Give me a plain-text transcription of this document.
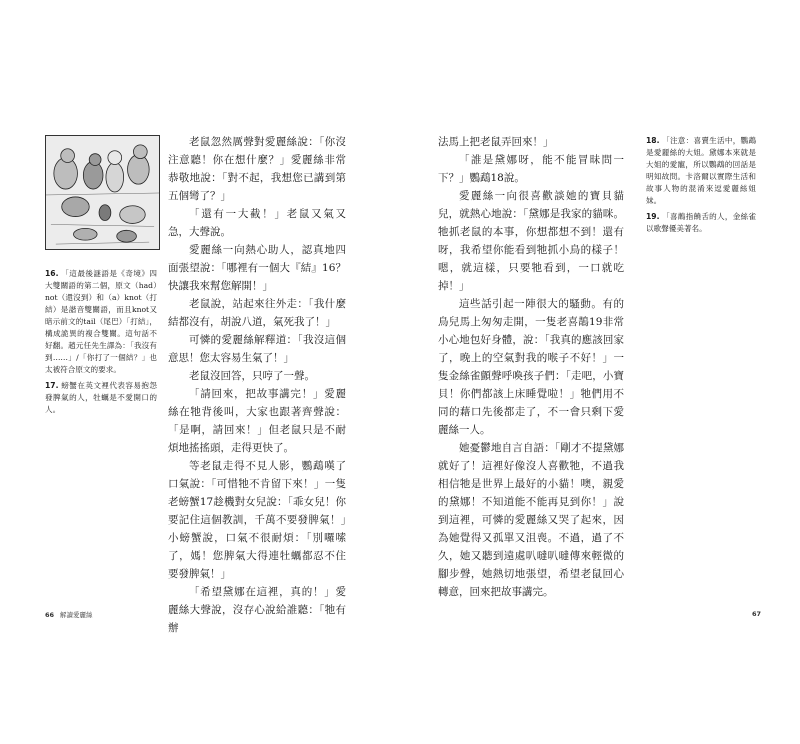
16. 「這最後謎語是《奇境》四大雙關語的第二個，原文（had）not（還沒到）和（a）knot（打結）是諧音雙關語，而且knot又暗示前文的tail（尾巴）「打結」，構成詭異的複合雙關。這句話不好翻。趙元任先生譯為：「我沒有到……」/「你打了一個結？」也太被符合原文的要求。

17. 螃蟹在英文裡代表容易抱怨發脾氣的人，牡蠣是不愛開口的人。

老鼠忽然厲聲對愛麗絲說：「你沒注意聽！你在想什麼？」愛麗絲非常恭敬地說：「對不起，我想您已講到第五個彎了？」

「還有一大截！」老鼠又氣又急，大聲說。

愛麗絲一向熱心助人，認真地四面張望說：「哪裡有一個大『結』16？快讓我來幫您解開！」

老鼠說，站起來往外走：「我什麼結都沒有，胡說八道，氣死我了！」

可憐的愛麗絲解釋道：「我沒這個意思！您太容易生氣了！」

老鼠沒回答，只哼了一聲。

「請回來，把故事講完！」愛麗絲在牠背後叫，大家也跟著齊聲說：「是啊，請回來！」但老鼠只是不耐煩地搖搖頭，走得更快了。

等老鼠走得不見人影，鸚鵡嘆了口氣說：「可惜牠不肯留下來！」一隻老螃蟹17趁機對女兒說：「乖女兒！你要記住這個教訓，千萬不要發脾氣！」小螃蟹說，口氣不很耐煩：「別囉嗦了，媽！您脾氣大得連牡蠣都忍不住要發脾氣！」

「希望黛娜在這裡，真的！」愛麗絲大聲說，沒存心說給誰聽：「牠有辦

66 解讀愛麗絲

法馬上把老鼠弄回來！」

「誰是黛娜呀，能不能冒昧問一下？」鸚鵡18說。

愛麗絲一向很喜歡談她的寶貝貓兒，就熱心地說：「黛娜是我家的貓咪。牠抓老鼠的本事，你想都想不到！還有呀，我希望你能看到牠抓小鳥的樣子！嗯，就這樣，只要牠看到，一口就吃掉！」

這些話引起一陣很大的騷動。有的鳥兒馬上匆匆走開，一隻老喜鵲19非常小心地包好身體，說：「我真的應該回家了，晚上的空氣對我的喉子不好！」一隻金絲雀顫聲呼喚孩子們：「走吧，小寶貝！你們都該上床睡覺啦！」牠們用不同的藉口先後都走了，不一會只剩下愛麗絲一人。

她憂鬱地自言自語：「剛才不提黛娜就好了！這裡好像沒人喜歡牠，不過我相信牠是世界上最好的小貓！噢，親愛的黛娜！不知道能不能再見到你！」說到這裡，可憐的愛麗絲又哭了起來，因為她覺得又孤單又沮喪。不過，過了不久，她又聽到遠處叭噠叭噠傳來輕微的腳步聲，她熱切地張望，希望老鼠回心轉意，回來把故事講完。

18. 「注意：喜賣生活中，鸚鵡是愛麗絲的大姐。黛娜本來就是大姐的愛寵，所以鸚鵡的回話是明知故問。卡洛爾以實際生活和故事人物的混淆來逗愛麗絲姐妹。

19. 「喜鵲指饒舌的人，金絲雀以歌聲優美著名。

67
